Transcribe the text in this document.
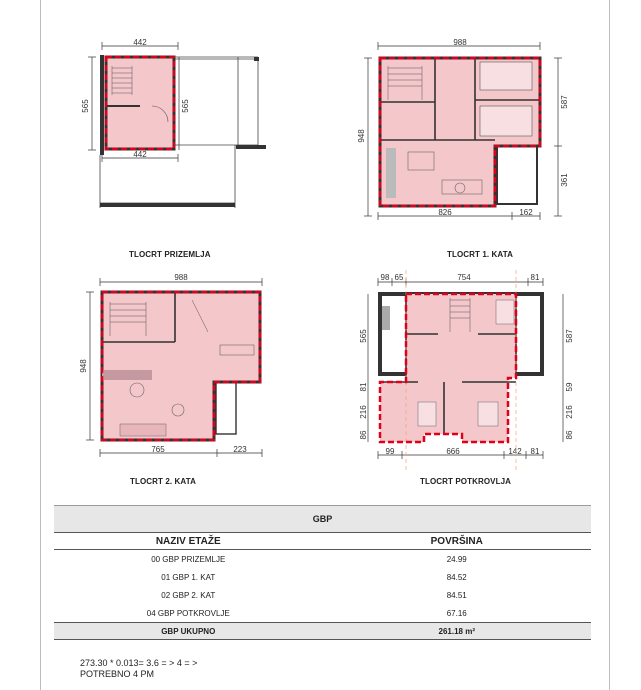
442
442
565	565
TLOCRT PRIZEMLJA
988
948
587
361
826	162
TLOCRT 1. KATA
988
948
765	223
TLOCRT 2. KATA
98 65	754	81
565
81
216
86
587
59
216
86
99	666	142 81
TLOCRT POTKROVLJA
GBP	
NAZIV ETAŽE	POVRŠINA
00 GBP PRIZEMLJE	24.99
01 GBP 1. KAT	84.52
02 GBP 2. KAT	84.51
04 GBP POTKROVLJE	67.16
GBP UKUPNO	261.18 m²
273.30 * 0.013= 3.6 = > 4 = >
POTREBNO 4 PM
